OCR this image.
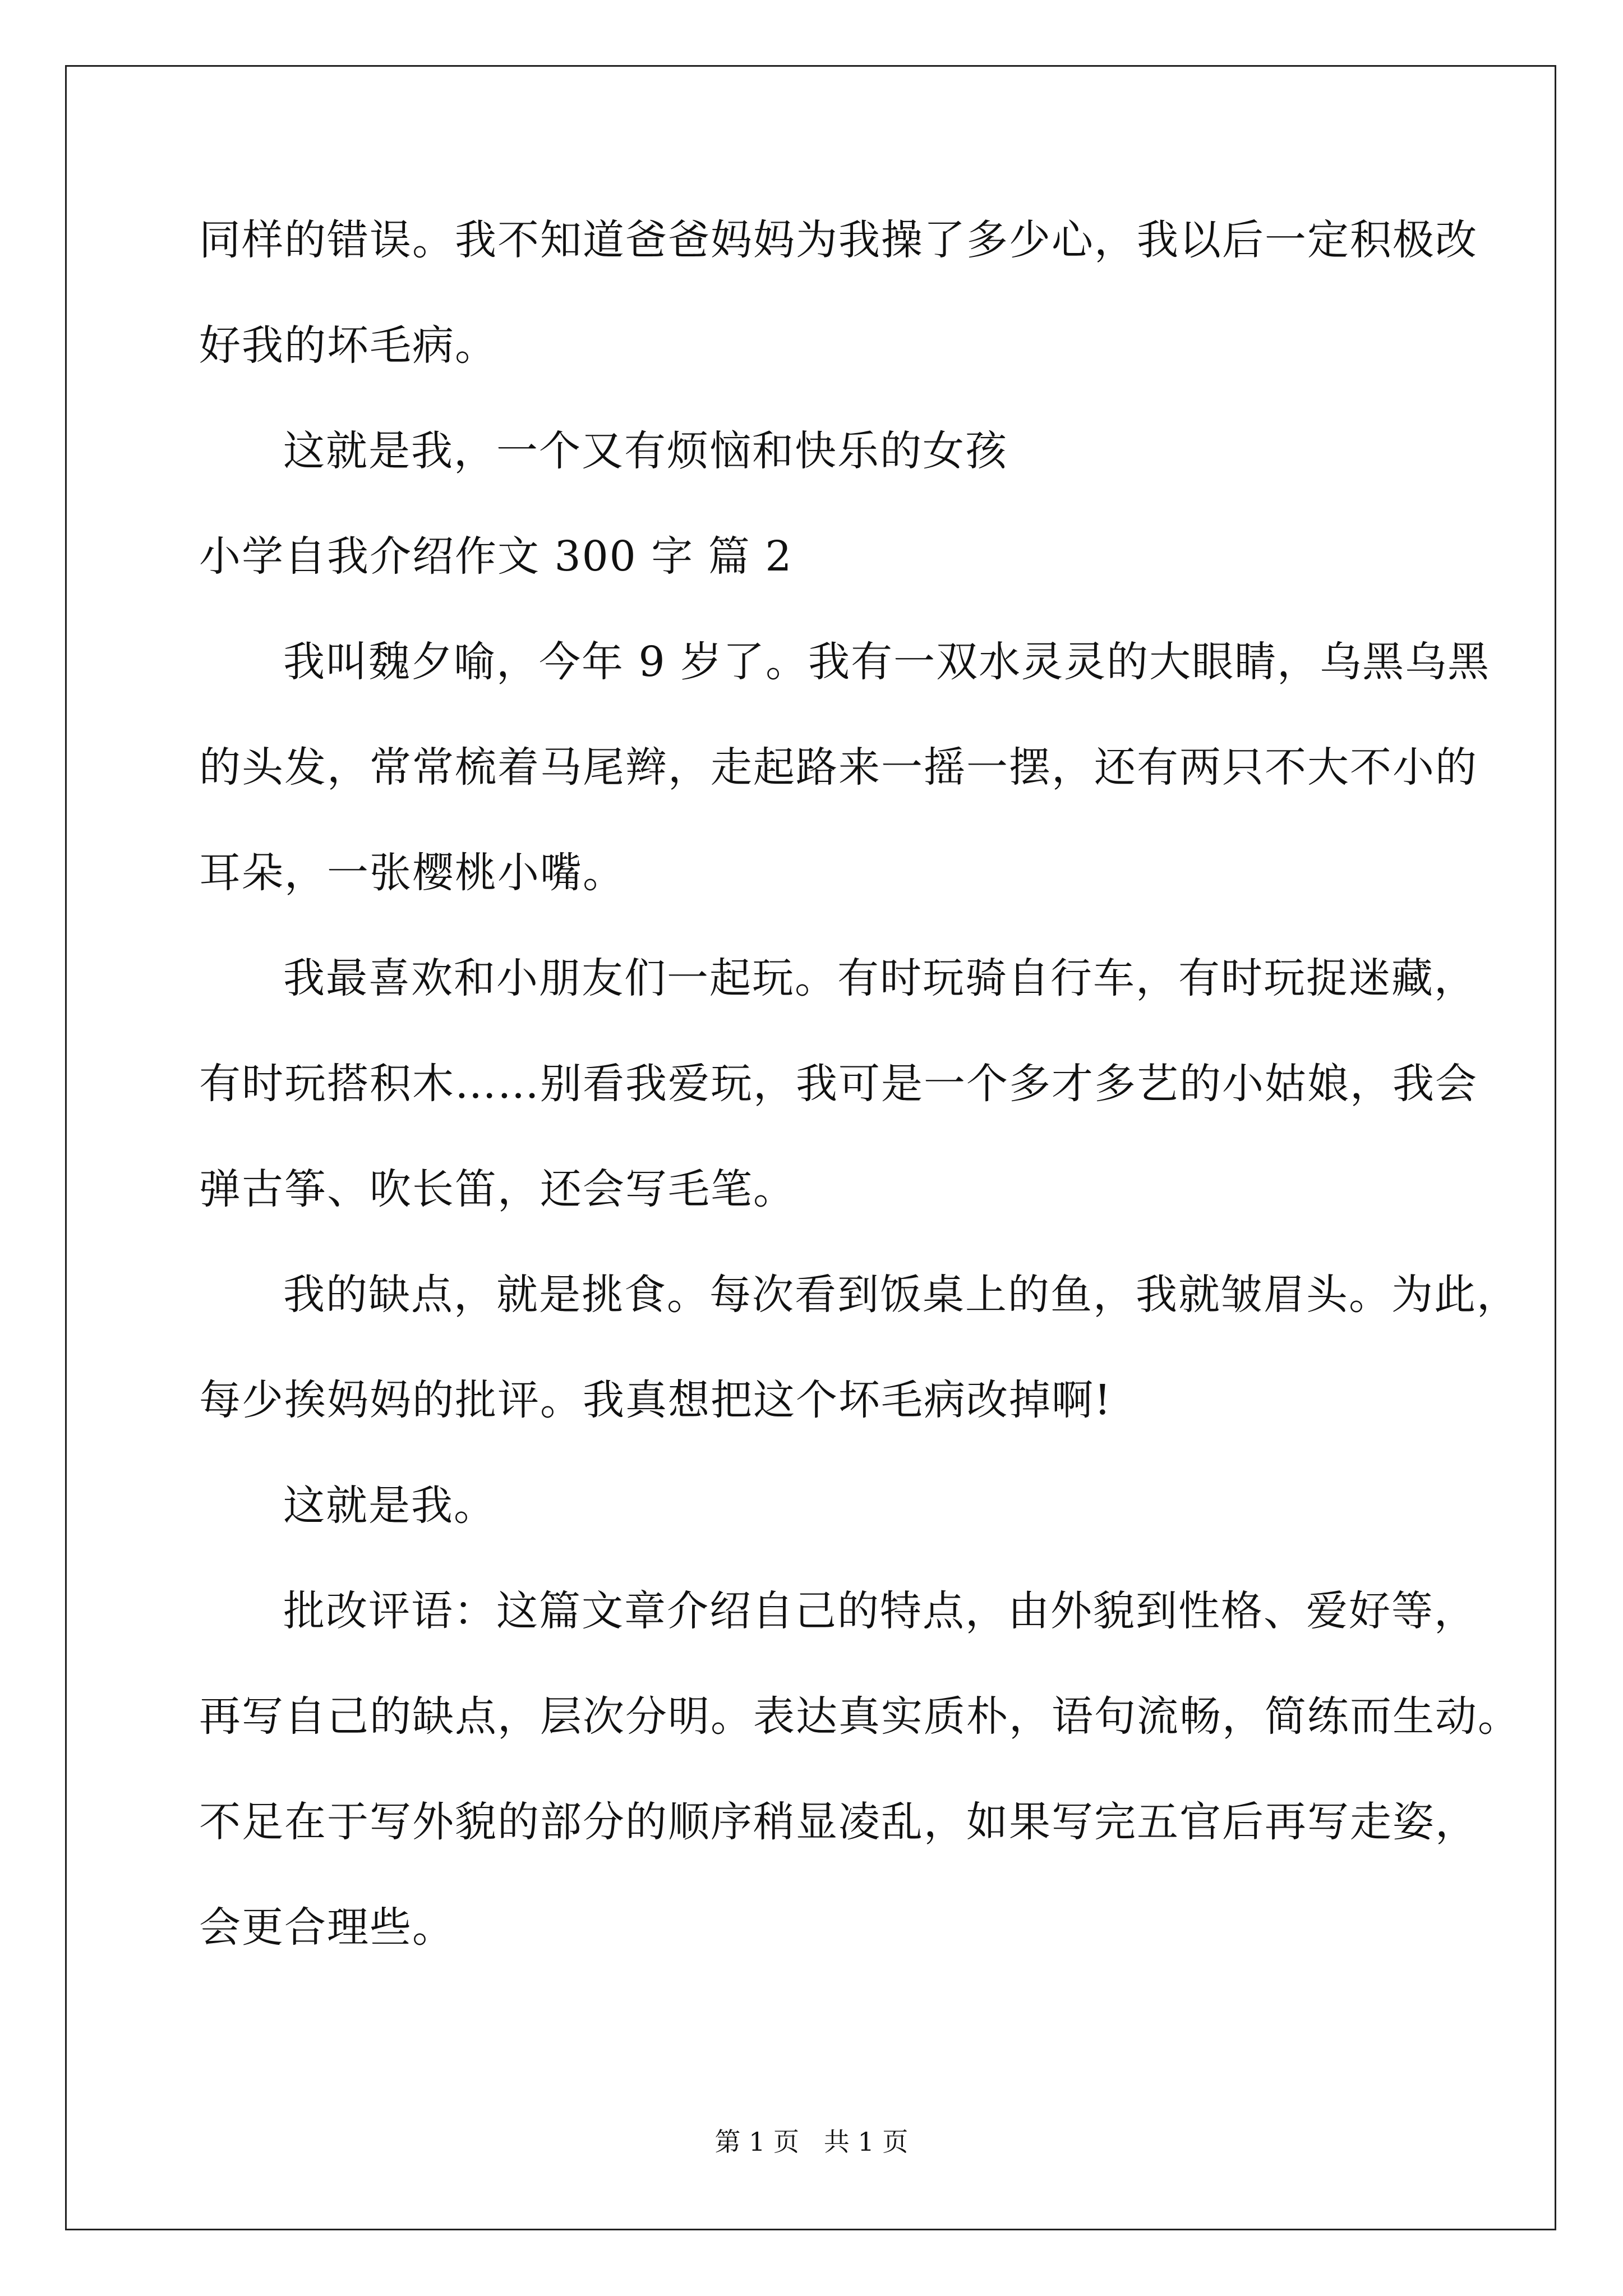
同样的错误。我不知道爸爸妈妈为我操了多少心，我以后一定积极改
好我的坏毛病。
这就是我，一个又有烦恼和快乐的女孩
小学自我介绍作文 300 字 篇 2
我叫魏夕喻，今年 9 岁了。我有一双水灵灵的大眼睛，乌黑乌黑
的头发，常常梳着马尾辫，走起路来一摇一摆，还有两只不大不小的
耳朵，一张樱桃小嘴。
我最喜欢和小朋友们一起玩。有时玩骑自行车，有时玩捉迷藏，
有时玩搭积木……别看我爱玩，我可是一个多才多艺的小姑娘，我会
弹古筝、吹长笛，还会写毛笔。
我的缺点，就是挑食。每次看到饭桌上的鱼，我就皱眉头。为此，
每少挨妈妈的批评。我真想把这个坏毛病改掉啊!
这就是我。
批改评语：这篇文章介绍自己的特点，由外貌到性格、爱好等，
再写自己的缺点，层次分明。表达真实质朴，语句流畅，简练而生动。
不足在于写外貌的部分的顺序稍显凌乱，如果写完五官后再写走姿，
会更合理些。
第 1 页   共 1 页
